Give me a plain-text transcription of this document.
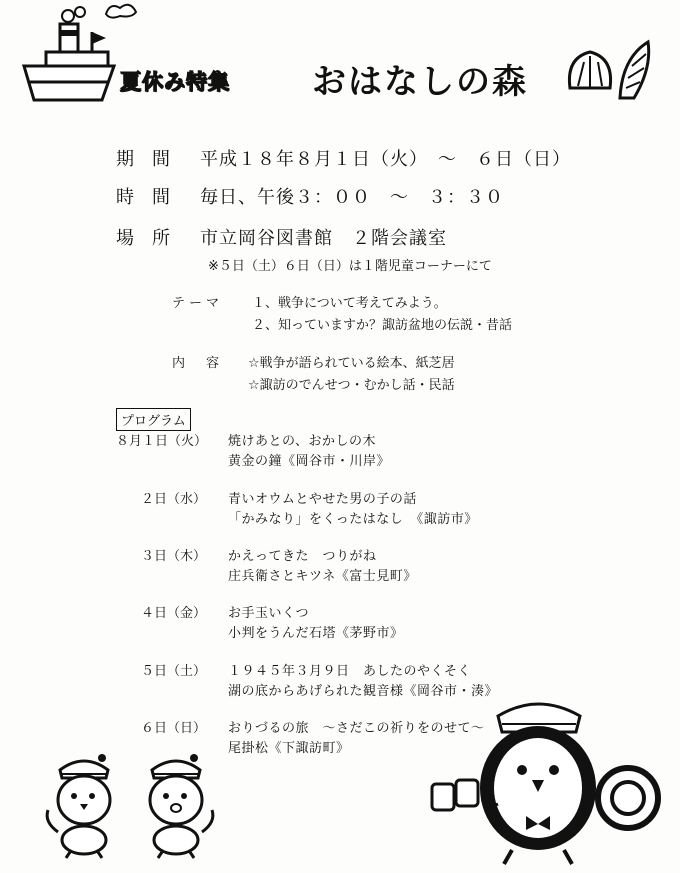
夏休み特集 おはなしの森
期間 平成１８年８月１日（火）　～　６日（日）
時間 毎日、午後３：００　～　３：３０
場所 市立岡谷図書館　２階会議室
※５日（土）６日（日）は１階児童コーナーにて
テーマ １、戦争について考えてみよう。
２、知っていますか？諏訪盆地の伝説・昔話
内　容 ☆戦争が語られている絵本、紙芝居
☆諏訪のでんせつ・むかし話・民話
プログラム
８月１日（火） 焼けあとの、おかしの木
黄金の鐘《岡谷市・川岸》
２日（水） 青いオウムとやせた男の子の話
「かみなり」をくったはなし　《諏訪市》
３日（木） かえってきた　つりがね
庄兵衛さとキツネ《富士見町》
４日（金） お手玉いくつ
小判をうんだ石塔《茅野市》
５日（土） １９４５年３月９日　あしたのやくそく
湖の底からあげられた観音様《岡谷市・湊》
６日（日） おりづるの旅　～さだこの祈りをのせて～
尾掛松《下諏訪町》
